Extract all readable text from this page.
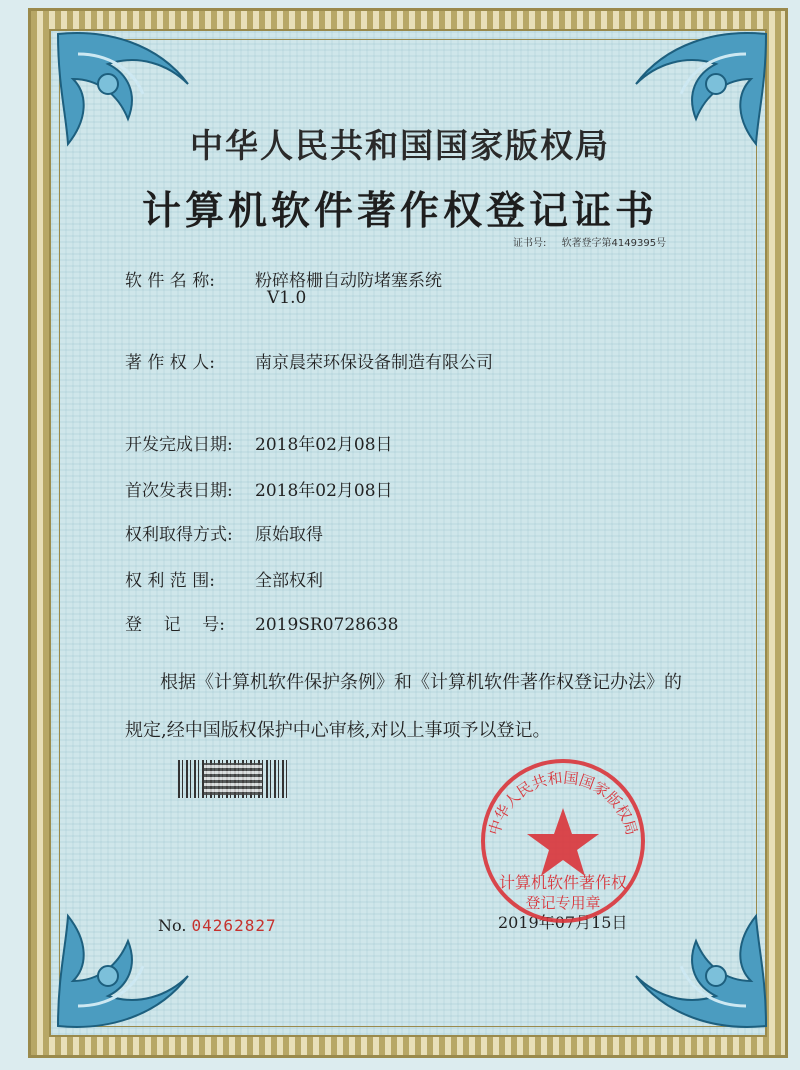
中华人民共和国国家版权局
计算机软件著作权登记证书
证书号: 软著登字第4149395号
软 件 名 称: 粉碎格栅自动防堵塞系统
V1.0
著 作 权 人: 南京晨荣环保设备制造有限公司
开发完成日期: 2018年02月08日
首次发表日期: 2018年02月08日
权利取得方式: 原始取得
权 利 范 围: 全部权利
登    记    号: 2019SR0728638
根据《计算机软件保护条例》和《计算机软件著作权登记办法》的
规定,经中国版权保护中心审核,对以上事项予以登记。
No. 04262827	2019年07月15日
中华人民共和国国家版权局
计算机软件著作权
登记专用章
